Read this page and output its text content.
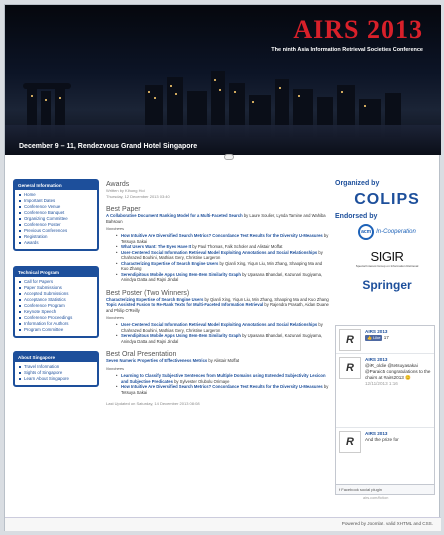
AIRS 2013
The ninth Asia Information Retrieval Societies Conference
December 9 – 11, Rendezvous Grand Hotel Singapore
General Information
Home
Important Dates
Conference Venue
Conference Banquet
Organizing Committee
Conference Poster
Previous Conferences
Registration
Awards
Technical Program
Call for Papers
Paper Submissions
Accepted Submissions
Acceptance Statistics
Conference Program
Keynote Speech
Conference Proceedings
Information for Authors
Program Committee
About Singapore
Travel Information
Sights of Singapore
Learn About Singapore
Awards
Written by Kihong Hoi
Thursday, 12 December 2013 03:40
Best Paper

A Collaborative Document Ranking Model for a Multi-Faceted Search by Laure Soulier, Lynda Tamine and Wahiba Bahsoun

Nominees
• How Intuitive Are Diversified Search Metrics? Concordance Test Results for the Diversity U-Measures by Tetsuya Sakai
• What Users Want: The Eyes Have It by Paul Thomas, Falk Scholer and Alistair Moffat
• User-Centered Social Information Retrieval Model Exploiting Annotations and Social Relationships by Chahrazed Bouhini, Mathias Gery, Christine Largeron
• Characterizing Expertise of Search Engine Users by Qianli Xing, Yiqun Liu, Min Zhang, Shaoping Ma and Kuo Zhang
• Serendipitous Mobile Apps Using Item-Item Similarity Graph by Upasana Bhandari, Kazunari Sugiyama, Anindya Datta and Rajni Jindal
Best Poster (Two Winners)

Characterizing Expertise of Search Engine Users by Qianli Xing, Yiqun Liu, Min Zhang, Shaoping Ma and Kuo Zhang

Topic Assisted Fusion to Re-Rank Texts for Multi-Faceted Information Retrieval by Rajendra Prasath, Aidan Duane and Philip O'Reilly

Nominees
• User-Centered Social Information Retrieval Model Exploiting Annotations and Social Relationships by Chahrazed Bouhini, Mathias Gery, Christine Largeron
• Serendipitous Mobile Apps Using Item-Item Similarity Graph by Upasana Bhandari, Kazunari Sugiyama, Anindya Datta and Rajni Jindal
Best Oral Presentation

Seven Numeric Properties of Effectiveness Metrics by Alistair Moffat

Nominees
• Learning to Classify Subjective Sentences from Multiple Domains using Extended Subjectivity Lexicon and Subjective Predicates by Sylvester Olubolu Orimaye
• How Intuitive Are Diversified Search Metrics? Concordance Test Results for the Diversity U-Measures by Tetsuya Sakai
Last Updated on Saturday, 14 December 2013 08:08
Organized by
COLIPS
Endorsed by
acm In-Cooperation
SIGIR
Special Interest Group on Information Retrieval
Springer
R
AIRS 2013
👍 Like 17
R
AIRS 2013
@iR_oldie @tetsuyasakai @Paraic5 congratulations to the chairs at #airs2013 😊
12/11/2013 1:16
R
AIRS 2013
And the prize for
f Facebook social plugin
airs.com/fiction
Powered by Joomla!. valid XHTML and CSS.
